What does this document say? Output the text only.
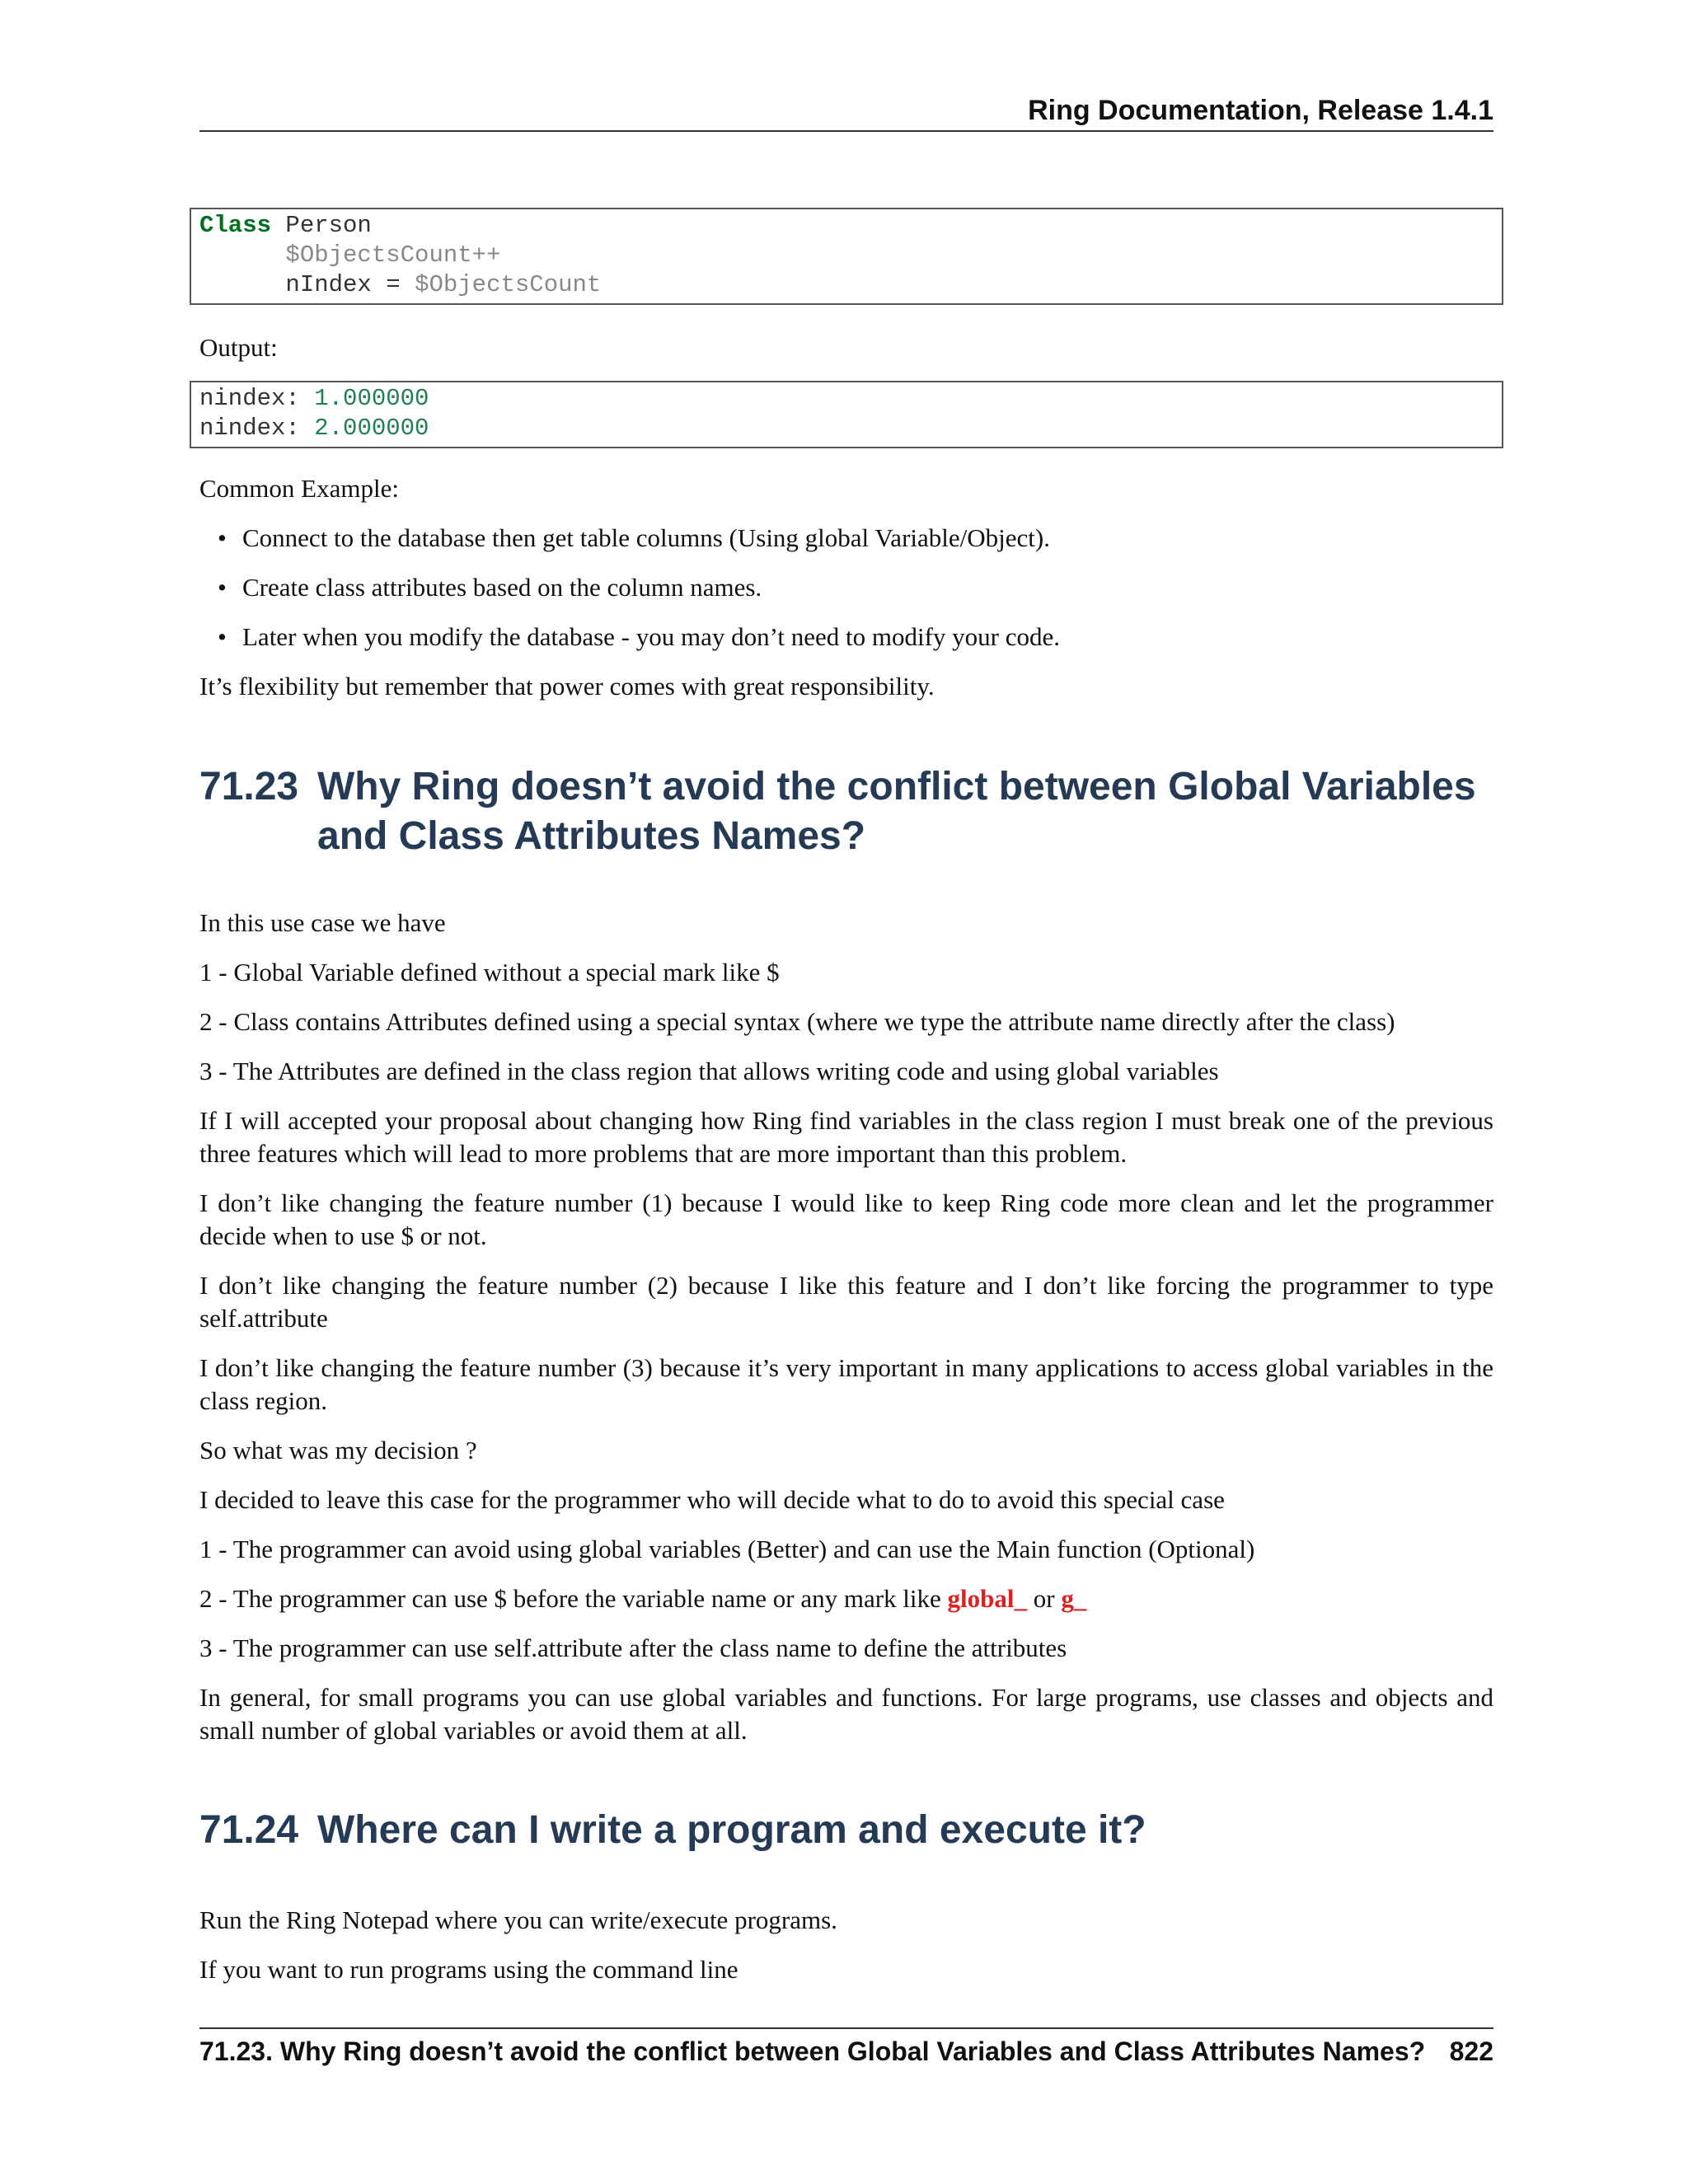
Ring Documentation, Release 1.4.1
Class Person
$ObjectsCount++
nIndex = $ObjectsCount
Output:
nindex: 1.000000
nindex: 2.000000
Common Example:
• Connect to the database then get table columns (Using global Variable/Object).
• Create class attributes based on the column names.
• Later when you modify the database - you may don’t need to modify your code.
It’s flexibility but remember that power comes with great responsibility.
71.23 Why Ring doesn’t avoid the conflict between Global Variables and Class Attributes Names?
In this use case we have
1 - Global Variable defined without a special mark like $
2 - Class contains Attributes defined using a special syntax (where we type the attribute name directly after the class)
3 - The Attributes are defined in the class region that allows writing code and using global variables
If I will accepted your proposal about changing how Ring find variables in the class region I must break one of the previous three features which will lead to more problems that are more important than this problem.
I don’t like changing the feature number (1) because I would like to keep Ring code more clean and let the programmer decide when to use $ or not.
I don’t like changing the feature number (2) because I like this feature and I don’t like forcing the programmer to type self.attribute
I don’t like changing the feature number (3) because it’s very important in many applications to access global variables in the class region.
So what was my decision ?
I decided to leave this case for the programmer who will decide what to do to avoid this special case
1 - The programmer can avoid using global variables (Better) and can use the Main function (Optional)
2 - The programmer can use $ before the variable name or any mark like global_ or g_
3 - The programmer can use self.attribute after the class name to define the attributes
In general, for small programs you can use global variables and functions. For large programs, use classes and objects and small number of global variables or avoid them at all.
71.24 Where can I write a program and execute it?
Run the Ring Notepad where you can write/execute programs.
If you want to run programs using the command line
71.23. Why Ring doesn’t avoid the conflict between Global Variables and Class Attributes Names? 822
